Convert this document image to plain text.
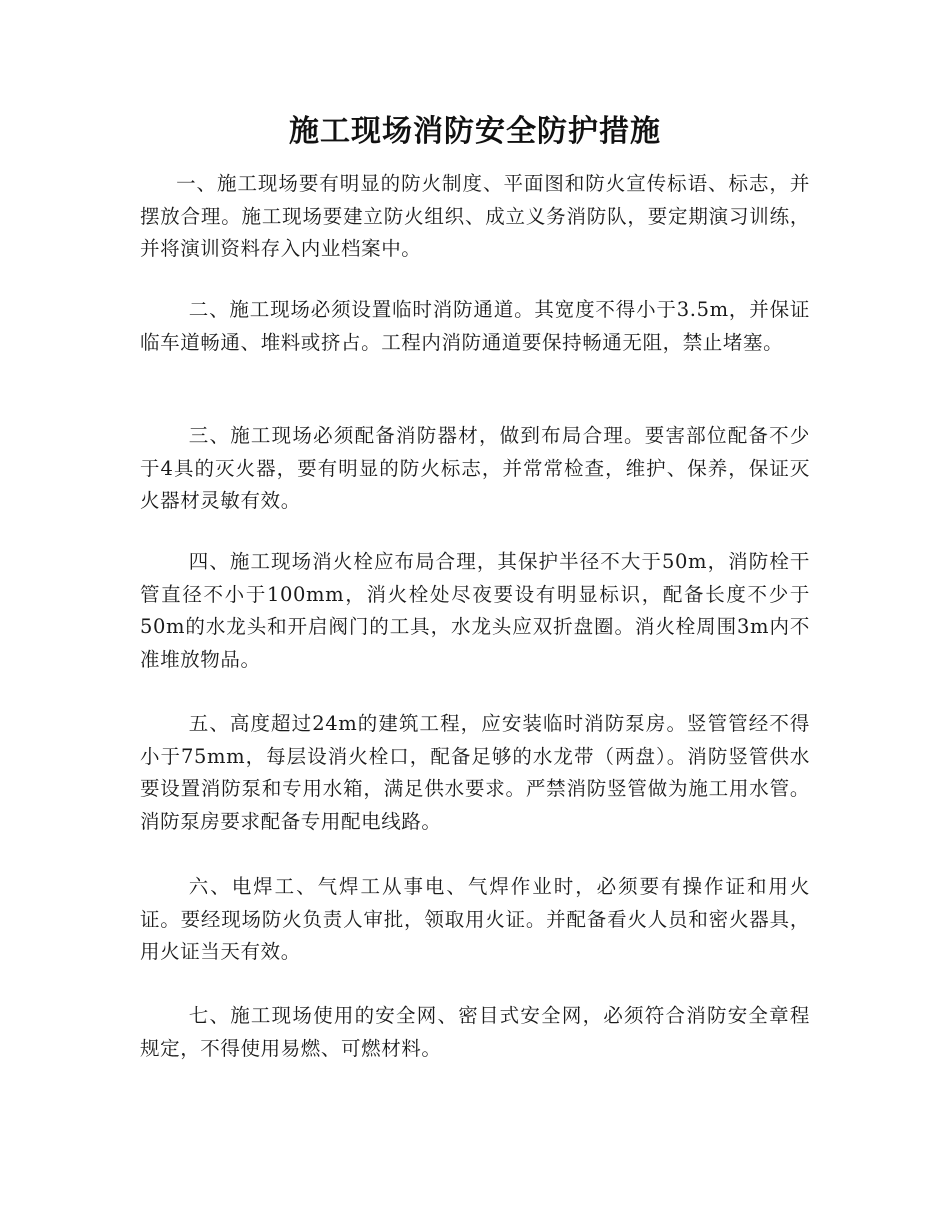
施工现场消防安全防护措施

一、施工现场要有明显的防火制度、平面图和防火宣传标语、标志，并摆放合理。施工现场要建立防火组织、成立义务消防队，要定期演习训练，并将演训资料存入内业档案中。

二、施工现场必须设置临时消防通道。其宽度不得小于3.5m，并保证临车道畅通、堆料或挤占。工程内消防通道要保持畅通无阻，禁止堵塞。

三、施工现场必须配备消防器材，做到布局合理。要害部位配备不少于4具的灭火器，要有明显的防火标志，并常常检查，维护、保养，保证灭火器材灵敏有效。

四、施工现场消火栓应布局合理，其保护半径不大于50m，消防栓干管直径不小于100mm，消火栓处尽夜要设有明显标识，配备长度不少于50m的水龙头和开启阀门的工具，水龙头应双折盘圈。消火栓周围3m内不准堆放物品。

五、高度超过24m的建筑工程，应安装临时消防泵房。竖管管经不得小于75mm，每层设消火栓口，配备足够的水龙带（两盘）。消防竖管供水要设置消防泵和专用水箱，满足供水要求。严禁消防竖管做为施工用水管。消防泵房要求配备专用配电线路。

六、电焊工、气焊工从事电、气焊作业时，必须要有操作证和用火证。要经现场防火负责人审批，领取用火证。并配备看火人员和密火器具，用火证当天有效。

七、施工现场使用的安全网、密目式安全网，必须符合消防安全章程规定，不得使用易燃、可燃材料。
